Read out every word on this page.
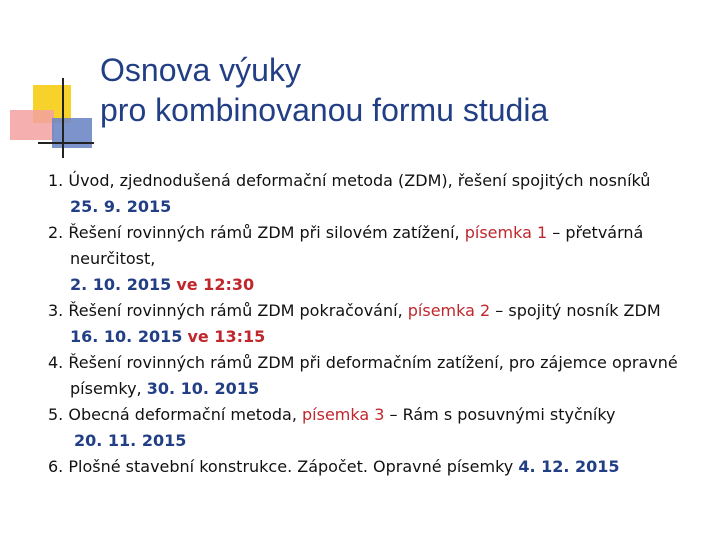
Osnova výuky
pro kombinovanou formu studia
1. Úvod, zjednodušená deformační metoda (ZDM), řešení spojitých nosníků
25. 9. 2015
2. Řešení rovinných rámů ZDM při silovém zatížení, písemka 1 – přetvárná
neurčitost,
2. 10. 2015 ve 12:30
3. Řešení rovinných rámů ZDM pokračování, písemka 2 – spojitý nosník ZDM
16. 10. 2015 ve 13:15
4. Řešení rovinných rámů ZDM při deformačním zatížení, pro zájemce opravné
písemky, 30. 10. 2015
5. Obecná deformační metoda, písemka 3 – Rám s posuvnými styčníky
20. 11. 2015
6. Plošné stavební konstrukce. Zápočet. Opravné písemky 4. 12. 2015
